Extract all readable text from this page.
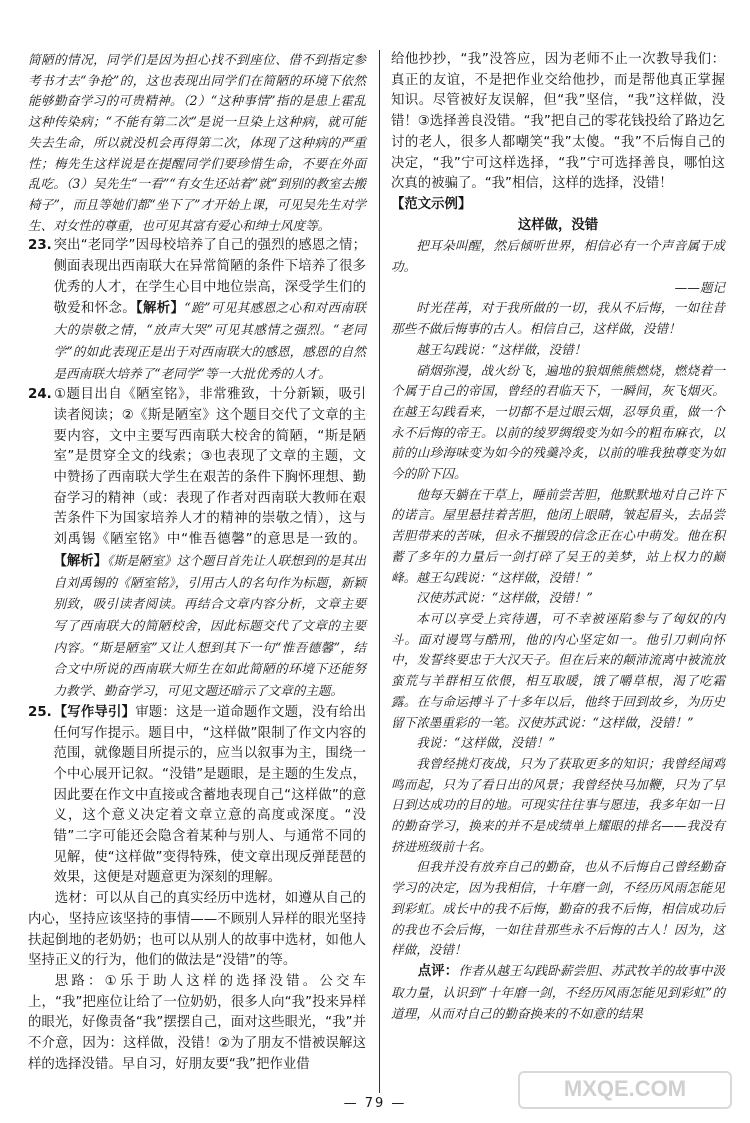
简陋的情况，同学们是因为担心找不到座位、借不到指定参考书才去“争抢”的，这也表现出同学们在简陋的环境下依然能够勤奋学习的可贵精神。（2）“这种事情”指的是患上霍乱这种传染病；“不能有第二次”是说一旦染上这种病，就可能失去生命，所以就没机会再得第二次，体现了这种病的严重性；梅先生这样说是在提醒同学们要珍惜生命，不要在外面乱吃。（3）吴先生“一看”“有女生还站着”就“到别的教室去搬椅子”，而且等她们都“坐下了”才开始上课，可见吴先生对学生、对女性的尊重，也可见其富有爱心和绅士风度等。

23. 突出“老同学”因母校培养了自己的强烈的感恩之情；侧面表现出西南联大在异常简陋的条件下培养了很多优秀的人才，在学生心目中地位崇高，深受学生们的敬爱和怀念。【解析】“跪”可见其感恩之心和对西南联大的崇敬之情，“放声大哭”可见其感情之强烈。“老同学”的如此表现正是出于对西南联大的感恩，感恩的自然是西南联大培养了“老同学”等一大批优秀的人才。

24. ①题目出自《陋室铭》，非常雅致，十分新颖，吸引读者阅读；②《斯是陋室》这个题目交代了文章的主要内容，文中主要写西南联大校舍的简陋，“斯是陋室”是贯穿全文的线索；③也表现了文章的主题，文中赞扬了西南联大学生在艰苦的条件下胸怀理想、勤奋学习的精神（或：表现了作者对西南联大教师在艰苦条件下为国家培养人才的精神的崇敬之情），这与刘禹锡《陋室铭》中“惟吾德馨”的意思是一致的。【解析】《斯是陋室》这个题目首先让人联想到的是其出自刘禹锡的《陋室铭》，引用古人的名句作为标题，新颖别致，吸引读者阅读。再结合文章内容分析，文章主要写了西南联大的简陋校舍，因此标题交代了文章的主要内容。“斯是陋室”又让人想到其下一句“惟吾德馨”，结合文中所说的西南联大师生在如此简陋的环境下还能努力教学、勤奋学习，可见文题还暗示了文章的主题。

25. 【写作导引】审题：这是一道命题作文题，没有给出任何写作提示。题目中，“这样做”限制了作文内容的范围，就像题目所提示的，应当以叙事为主，围绕一个中心展开记叙。“没错”是题眼，是主题的生发点，因此要在作文中直接或含蓄地表现自己“这样做”的意义，这个意义决定着文章立意的高度或深度。“没错”二字可能还会隐含着某种与别人、与通常不同的见解，使“这样做”变得特殊，使文章出现反弹琵琶的效果，这便是对题意更为深刻的理解。

选材：可以从自己的真实经历中选材，如遵从自己的内心，坚持应该坚持的事情——不顾别人异样的眼光坚持扶起倒地的老奶奶；也可以从别人的故事中选材，如他人坚持正义的行为，他们的做法是“没错”的等。

思路：①乐于助人这样的选择没错。公交车上，“我”把座位让给了一位奶奶，很多人向“我”投来异样的眼光，好像责备“我”摆摆自己，面对这些眼光，“我”并不介意，因为：这样做，没错！②为了朋友不惜被误解这样的选择没错。早自习，好朋友要“我”把作业借

给他抄抄，“我”没答应，因为老师不止一次教导我们：真正的友谊，不是把作业交给他抄，而是帮他真正掌握知识。尽管被好友误解，但“我”坚信，“我”这样做，没错！③选择善良没错。“我”把自己的零花钱投给了路边乞讨的老人，很多人都嘲笑“我”太傻。“我”不后悔自己的决定，“我”宁可这样选择，“我”宁可选择善良，哪怕这次真的被骗了。“我”相信，这样的选择，没错！

【范文示例】

这样做，没错

把耳朵叫醒，然后倾听世界，相信必有一个声音属于成功。

——题记

时光荏苒，对于我所做的一切，我从不后悔，一如往昔那些不做后悔事的古人。相信自己，这样做，没错！

越王勾践说：“这样做，没错！

硝烟弥漫，战火纷飞，遍地的狼烟熊熊燃烧，燃烧着一个属于自己的帝国，曾经的君临天下，一瞬间，灰飞烟灭。在越王勾践看来，一切都不是过眼云烟，忍辱负重，做一个永不后悔的帝王。以前的绫罗绸缎变为如今的粗布麻衣，以前的山珍海味变为如今的残羹冷炙，以前的唯我独尊变为如今的阶下囚。

他每天躺在干草上，睡前尝苦胆，他默默地对自己许下的诺言。屋里悬挂着苦胆，他闭上眼睛，皱起眉头，去品尝苦胆带来的苦味，但永不摧毁的信念正在心中萌发。他在积蓄了多年的力量后一剑打碎了吴王的美梦，站上权力的巅峰。越王勾践说：“这样做，没错！”

汉使苏武说：“这样做，没错！”

本可以享受上宾待遇，可不幸被诬陷参与了匈奴的内斗。面对谩骂与酷刑，他的内心坚定如一。他引刀刺向怀中，发誓终要忠于大汉天子。但在后来的颠沛流离中被流放蛮荒与羊群相互依偎，相互取暖，饿了嚼草根，渴了吃霜露。在与命运搏斗了十多年以后，他终于回到故乡，为历史留下浓墨重彩的一笔。汉使苏武说：“这样做，没错！”

我说：“这样做，没错！”

我曾经挑灯夜战，只为了获取更多的知识；我曾经闻鸡鸣而起，只为了看日出的风景；我曾经快马加鞭，只为了早日到达成功的目的地。可现实往往事与愿违，我多年如一日的勤奋学习，换来的并不是成绩单上耀眼的排名——我没有挤进班级前十名。

但我并没有放弃自己的勤奋，也从不后悔自己曾经勤奋学习的决定，因为我相信，十年磨一剑，不经历风雨怎能见到彩虹。成长中的我不后悔，勤奋的我不后悔，相信成功后的我也不会后悔，一如往昔那些永不后悔的古人！因为，这样做，没错！

点评：作者从越王勾践卧薪尝胆、苏武牧羊的故事中汲取力量，认识到“十年磨一剑，不经历风雨怎能见到彩虹”的道理，从而对自己的勤奋换来的不如意的结果

— 79 —
MXQE.COM
